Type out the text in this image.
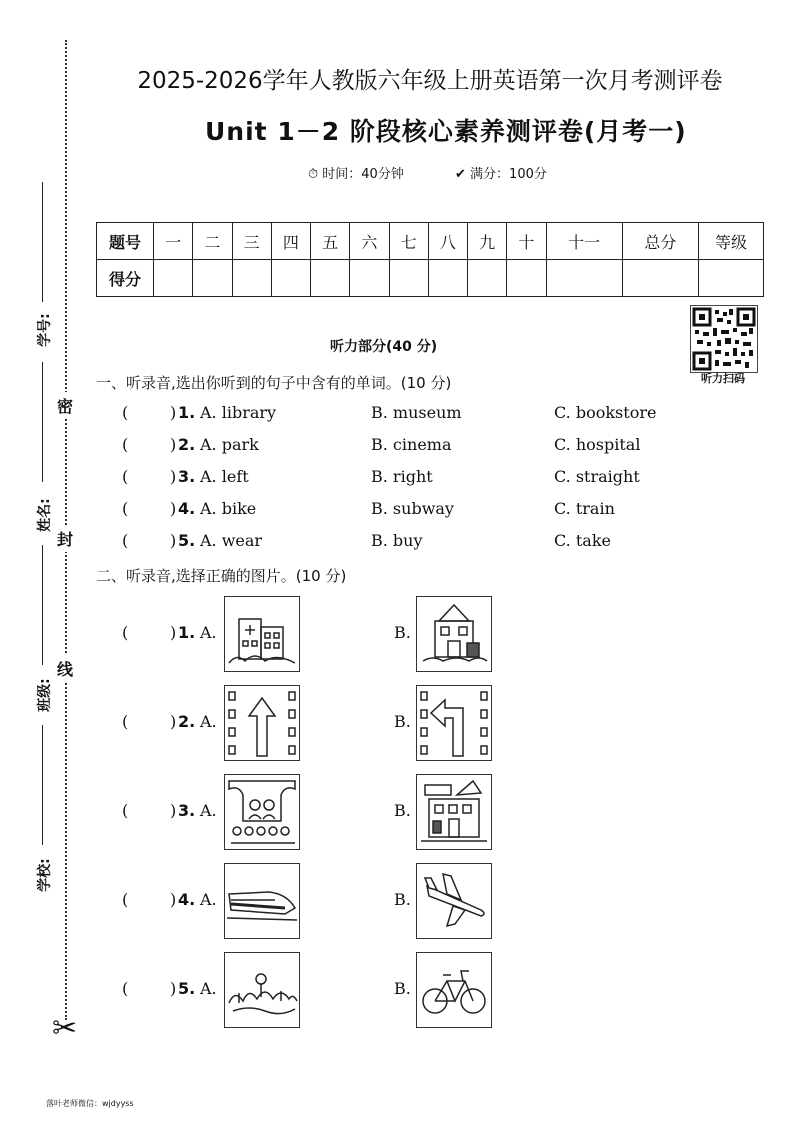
学号:
姓名:
班级:
学校:
密
封
线
✂
2025-2026学年人教版六年级上册英语第一次月考测评卷
Unit 1－2 阶段核心素养测评卷(月考一)
⏱ 时间：40分钟	✔ 满分：100分
题号	一	二	三	四	五	六	七	八	九	十	十一	总分	等级
得分													
听力扫码
听力部分(40 分)
一、听录音,选出你听到的句子中含有的单词。(10 分)
(	) 1. A. library	B. museum	C. bookstore
(	) 2. A. park	B. cinema	C. hospital
(	) 3. A. left	B. right	C. straight
(	) 4. A. bike	B. subway	C. train
(	) 5. A. wear	B. buy	C. take
二、听录音,选择正确的图片。(10 分)
(	) 1. A.	B.
(	) 2. A.	B.
(	) 3. A.	B.
(	) 4. A.	B.
(	) 5. A.	B.
落叶老师微信：wjdyyss
